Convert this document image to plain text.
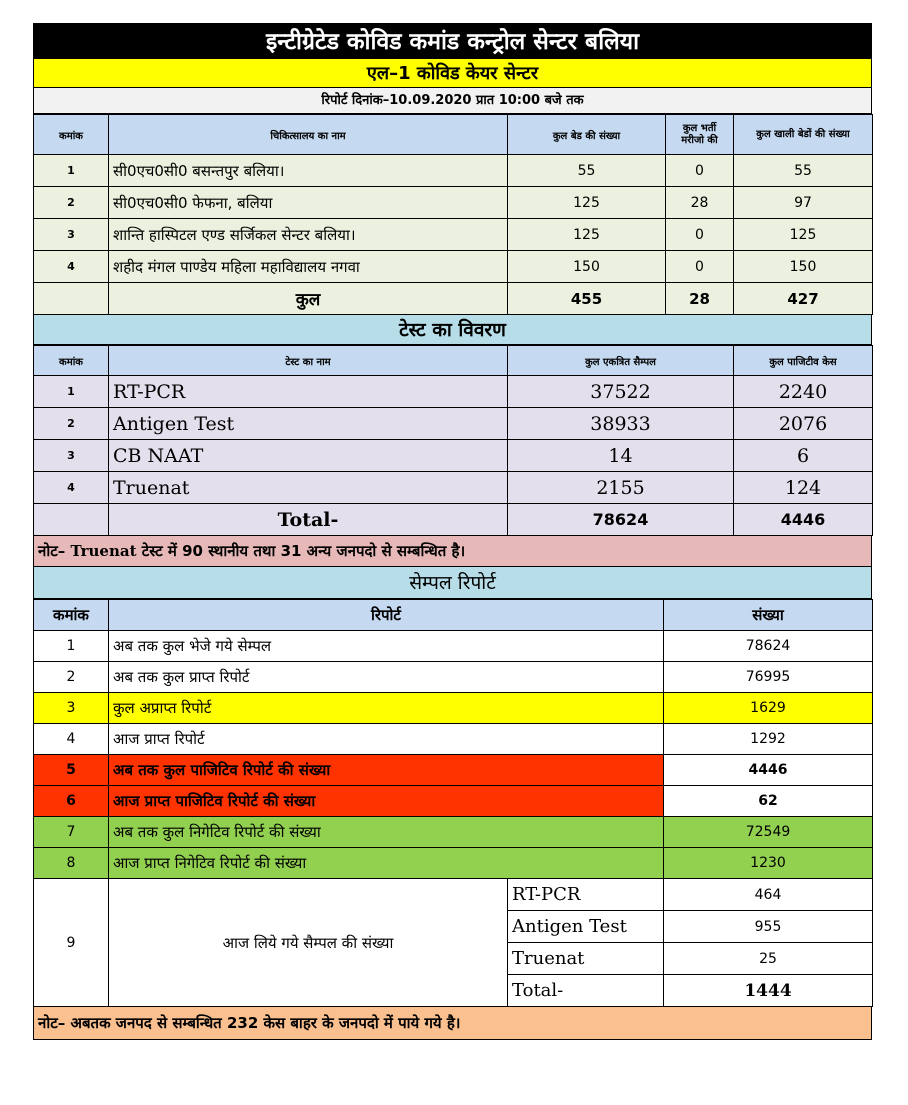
इन्टीग्रेटेड कोविड कमांड कन्ट्रोल सेन्टर बलिया
एल–1 कोविड केयर सेन्टर
रिपोर्ट दिनांक–10.09.2020 प्रात 10:00 बजे तक
कमांक	चिकित्सालय का नाम	कुल बेड की संख्या	कुल भर्ती मरीजो की	कुल खाली बेडों की संख्या
1	सी0एच0सी0 बसन्तपुर बलिया।	55	0	55
2	सी0एच0सी0 फेफना, बलिया	125	28	97
3	शान्ति हास्पिटल एण्ड सर्जिकल सेन्टर बलिया।	125	0	125
4	शहीद मंगल पाण्डेय महिला महाविद्यालय नगवा	150	0	150
	कुल	455	28	427
टेस्ट का विवरण
कमांक	टेस्ट का नाम	कुल एकत्रित सैम्पल	कुल पाजिटीव केस
1	RT-PCR	37522	2240
2	Antigen Test	38933	2076
3	CB NAAT	14	6
4	Truenat	2155	124
	Total-	78624	4446
नोट– Truenat टेस्ट में 90 स्थानीय तथा 31 अन्य जनपदो से सम्बन्धित है।
सेम्पल रिपोर्ट
कमांक	रिपोर्ट		संख्या
1	अब तक कुल भेजे गये सेम्पल		78624
2	अब तक कुल प्राप्त रिपोर्ट		76995
3	कुल अप्राप्त रिपोर्ट		1629
4	आज प्राप्त रिपोर्ट		1292
5	अब तक कुल पाजिटिव रिपोर्ट की संख्या		4446
6	आज प्राप्त पाजिटिव रिपोर्ट की संख्या		62
7	अब तक कुल निगेटिव रिपोर्ट की संख्या		72549
8	आज प्राप्त निगेटिव रिपोर्ट की संख्या		1230
9	आज लिये गये सैम्पल की संख्या	RT-PCR	464
		Antigen Test	955
		Truenat	25
		Total-	1444
नोट– अबतक जनपद से सम्बन्धित 232 केस बाहर के जनपदो में पाये गये है।
